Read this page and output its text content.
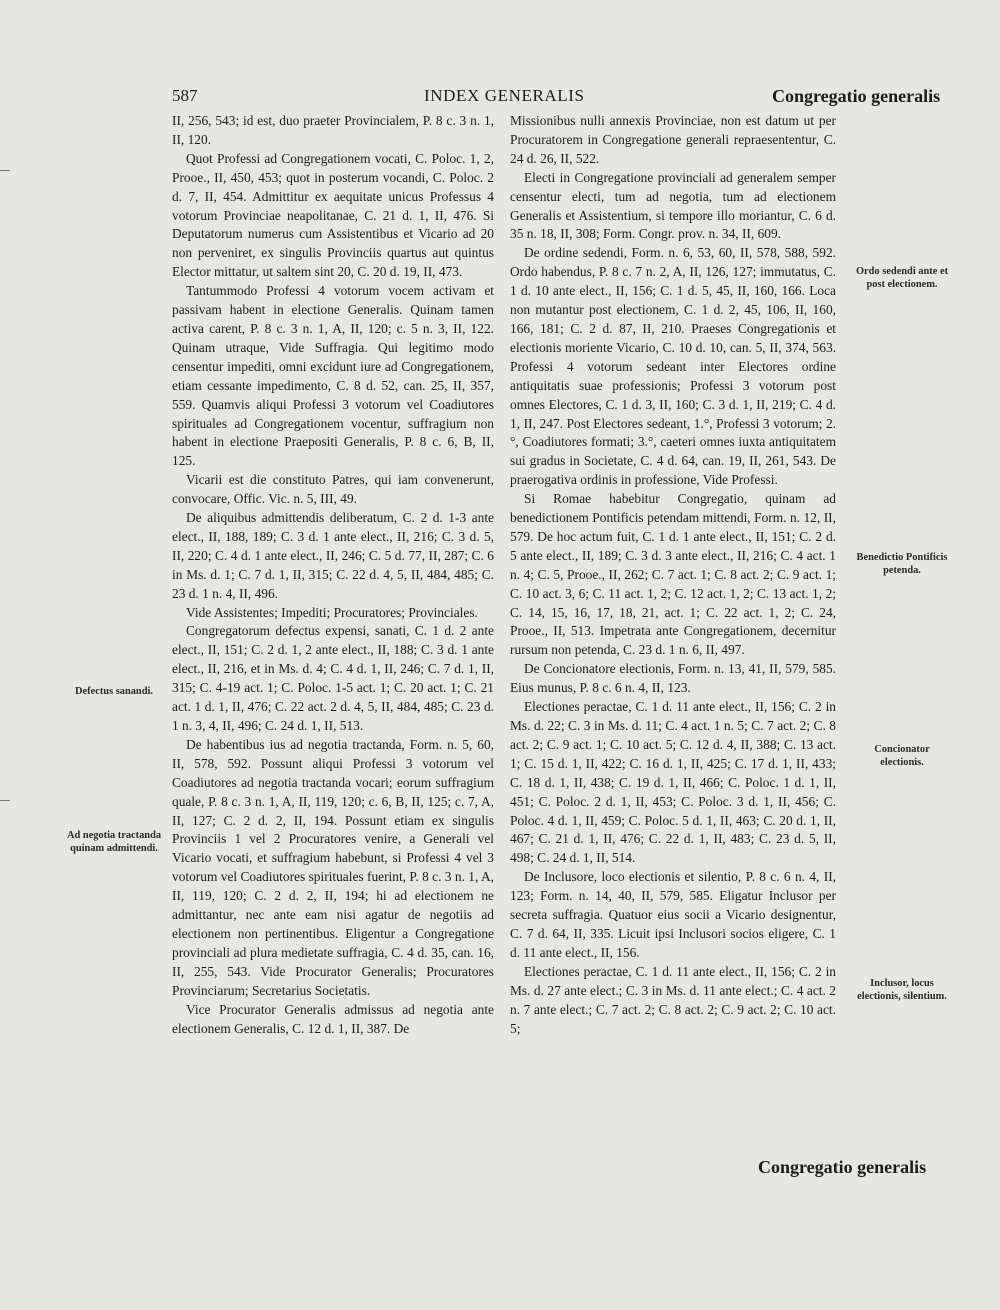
587	INDEX GENERALIS	Congregatio generalis

II, 256, 543; id est, duo praeter Provincialem, P. 8 c. 3 n. 1, II, 120.

Quot Professi ad Congregationem vocati, C. Poloc. 1, 2, Prooe., II, 450, 453; quot in posterum vocandi, C. Poloc. 2 d. 7, II, 454. Admittitur ex aequitate unicus Professus 4 votorum Provinciae neapolitanae, C. 21 d. 1, II, 476. Si Deputatorum numerus cum Assistentibus et Vicario ad 20 non perveniret, ex singulis Provinciis quartus aut quintus Elector mittatur, ut saltem sint 20, C. 20 d. 19, II, 473.

Tantummodo Professi 4 votorum vocem activam et passivam habent in electione Generalis. Quinam tamen activa carent, P. 8 c. 3 n. 1, A, II, 120; c. 5 n. 3, II, 122. Quinam utraque, Vide Suffragia. Qui legitimo modo censentur impediti, omni excidunt iure ad Congregationem, etiam cessante impedimento, C. 8 d. 52, can. 25, II, 357, 559. Quamvis aliqui Professi 3 votorum vel Coadiutores spirituales ad Congregationem vocentur, suffragium non habent in electione Praepositi Generalis, P. 8 c. 6, B, II, 125.

Vicarii est die constituto Patres, qui iam convenerunt, convocare, Offic. Vic. n. 5, III, 49.

De aliquibus admittendis deliberatum, C. 2 d. 1-3 ante elect., II, 188, 189; C. 3 d. 1 ante elect., II, 216; C. 3 d. 5, II, 220; C. 4 d. 1 ante elect., II, 246; C. 5 d. 77, II, 287; C. 6 in Ms. d. 1; C. 7 d. 1, II, 315; C. 22 d. 4, 5, II, 484, 485; C. 23 d. 1 n. 4, II, 496.

Vide Assistentes; Impediti; Procuratores; Provinciales.

Congregatorum defectus expensi, sanati, C. 1 d. 2 ante elect., II, 151; C. 2 d. 1, 2 ante elect., II, 188; C. 3 d. 1 ante elect., II, 216, et in Ms. d. 4; C. 4 d. 1, II, 246; C. 7 d. 1, II, 315; C. 4-19 act. 1; C. Poloc. 1-5 act. 1; C. 20 act. 1; C. 21 act. 1 d. 1, II, 476; C. 22 act. 2 d. 4, 5, II, 484, 485; C. 23 d. 1 n. 3, 4, II, 496; C. 24 d. 1, II, 513.

De habentibus ius ad negotia tractanda, Form. n. 5, 60, II, 578, 592. Possunt aliqui Professi 3 votorum vel Coadiutores ad negotia tractanda vocari; eorum suffragium quale, P. 8 c. 3 n. 1, A, II, 119, 120; c. 6, B, II, 125; c. 7, A, II, 127; C. 2 d. 2, II, 194. Possunt etiam ex singulis Provinciis 1 vel 2 Procuratores venire, a Generali vel Vicario vocati, et suffragium habebunt, si Professi 4 vel 3 votorum vel Coadiutores spirituales fuerint, P. 8 c. 3 n. 1, A, II, 119, 120; C. 2 d. 2, II, 194; hi ad electionem ne admittantur, nec ante eam nisi agatur de negotiis ad electionem non pertinentibus. Eligentur a Congregatione provinciali ad plura medietate suffragia, C. 4 d. 35, can. 16, II, 255, 543. Vide Procurator Generalis; Procuratores Provinciarum; Secretarius Societatis.

Vice Procurator Generalis admissus ad negotia ante electionem Generalis, C. 12 d. 1, II, 387. De

Missionibus nulli annexis Provinciae, non est datum ut per Procuratorem in Congregatione generali repraesententur, C. 24 d. 26, II, 522.

Electi in Congregatione provinciali ad generalem semper censentur electi, tum ad negotia, tum ad electionem Generalis et Assistentium, si tempore illo moriantur, C. 6 d. 35 n. 18, II, 308; Form. Congr. prov. n. 34, II, 609.

De ordine sedendi, Form. n. 6, 53, 60, II, 578, 588, 592. Ordo habendus, P. 8 c. 7 n. 2, A, II, 126, 127; immutatus, C. 1 d. 10 ante elect., II, 156; C. 1 d. 5, 45, II, 160, 166. Loca non mutantur post electionem, C. 1 d. 2, 45, 106, II, 160, 166, 181; C. 2 d. 87, II, 210. Praeses Congregationis et electionis moriente Vicario, C. 10 d. 10, can. 5, II, 374, 563. Professi 4 votorum sedeant inter Electores ordine antiquitatis suae professionis; Professi 3 votorum post omnes Electores, C. 1 d. 3, II, 160; C. 3 d. 1, II, 219; C. 4 d. 1, II, 247. Post Electores sedeant, 1.°, Professi 3 votorum; 2.°, Coadiutores formati; 3.°, caeteri omnes iuxta antiquitatem sui gradus in Societate, C. 4 d. 64, can. 19, II, 261, 543. De praerogativa ordinis in professione, Vide Professi.

Si Romae habebitur Congregatio, quinam ad benedictionem Pontificis petendam mittendi, Form. n. 12, II, 579. De hoc actum fuit, C. 1 d. 1 ante elect., II, 151; C. 2 d. 5 ante elect., II, 189; C. 3 d. 3 ante elect., II, 216; C. 4 act. 1 n. 4; C. 5, Prooe., II, 262; C. 7 act. 1; C. 8 act. 2; C. 9 act. 1; C. 10 act. 3, 6; C. 11 act. 1, 2; C. 12 act. 1, 2; C. 13 act. 1, 2; C. 14, 15, 16, 17, 18, 21, act. 1; C. 22 act. 1, 2; C. 24, Prooe., II, 513. Impetrata ante Congregationem, decernitur rursum non petenda, C. 23 d. 1 n. 6, II, 497.

De Concionatore electionis, Form. n. 13, 41, II, 579, 585. Eius munus, P. 8 c. 6 n. 4, II, 123.

Electiones peractae, C. 1 d. 11 ante elect., II, 156; C. 2 in Ms. d. 22; C. 3 in Ms. d. 11; C. 4 act. 1 n. 5; C. 7 act. 2; C. 8 act. 2; C. 9 act. 1; C. 10 act. 5; C. 12 d. 4, II, 388; C. 13 act. 1; C. 15 d. 1, II, 422; C. 16 d. 1, II, 425; C. 17 d. 1, II, 433; C. 18 d. 1, II, 438; C. 19 d. 1, II, 466; C. Poloc. 1 d. 1, II, 451; C. Poloc. 2 d. 1, II, 453; C. Poloc. 3 d. 1, II, 456; C. Poloc. 4 d. 1, II, 459; C. Poloc. 5 d. 1, II, 463; C. 20 d. 1, II, 467; C. 21 d. 1, II, 476; C. 22 d. 1, II, 483; C. 23 d. 5, II, 498; C. 24 d. 1, II, 514.

De Inclusore, loco electionis et silentio, P. 8 c. 6 n. 4, II, 123; Form. n. 14, 40, II, 579, 585. Eligatur Inclusor per secreta suffragia. Quatuor eius socii a Vicario designentur, C. 7 d. 64, II, 335. Licuit ipsi Inclusori socios eligere, C. 1 d. 11 ante elect., II, 156.

Electiones peractae, C. 1 d. 11 ante elect., II, 156; C. 2 in Ms. d. 27 ante elect.; C. 3 in Ms. d. 11 ante elect.; C. 4 act. 2 n. 7 ante elect.; C. 7 act. 2; C. 8 act. 2; C. 9 act. 2; C. 10 act. 5;

Defectus sanandi.
Ad negotia tractanda quinam admittendi.
Ordo sedendi ante et post electionem.
Benedictio Pontificis petenda.
Concionator electionis.
Inclusor, locus electionis, silentium.
Congregatio generalis
